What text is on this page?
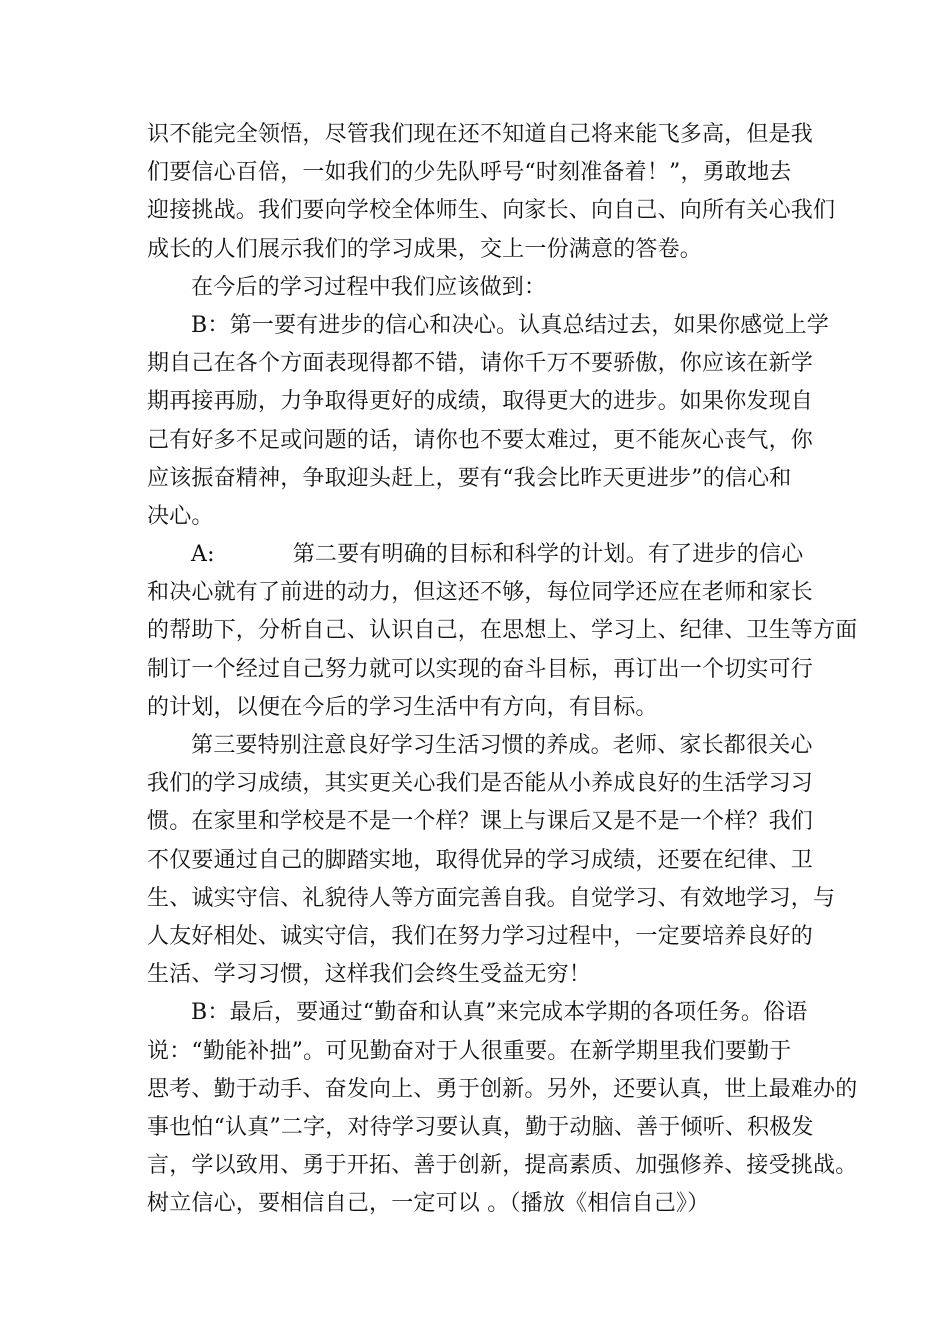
识不能完全领悟，尽管我们现在还不知道自己将来能飞多高，但是我
们要信心百倍，一如我们的少先队呼号“时刻准备着！”，勇敢地去
迎接挑战。我们要向学校全体师生、向家长、向自己、向所有关心我们
成长的人们展示我们的学习成果，交上一份满意的答卷。
在今后的学习过程中我们应该做到：
B：第一要有进步的信心和决心。认真总结过去，如果你感觉上学
期自己在各个方面表现得都不错，请你千万不要骄傲，你应该在新学
期再接再励，力争取得更好的成绩，取得更大的进步。如果你发现自
己有好多不足或问题的话，请你也不要太难过，更不能灰心丧气，你
应该振奋精神，争取迎头赶上，要有“我会比昨天更进步”的信心和
决心。
A:	第二要有明确的目标和科学的计划。有了进步的信心
和决心就有了前进的动力，但这还不够，每位同学还应在老师和家长
的帮助下，分析自己、认识自己，在思想上、学习上、纪律、卫生等方面
制订一个经过自己努力就可以实现的奋斗目标，再订出一个切实可行
的计划，以便在今后的学习生活中有方向，有目标。
第三要特别注意良好学习生活习惯的养成。老师、家长都很关心
我们的学习成绩，其实更关心我们是否能从小养成良好的生活学习习
惯。在家里和学校是不是一个样？课上与课后又是不是一个样？我们
不仅要通过自己的脚踏实地，取得优异的学习成绩，还要在纪律、卫
生、诚实守信、礼貌待人等方面完善自我。自觉学习、有效地学习，与
人友好相处、诚实守信，我们在努力学习过程中，一定要培养良好的
生活、学习习惯，这样我们会终生受益无穷！
B：最后，要通过“勤奋和认真”来完成本学期的各项任务。俗语
说：“勤能补拙”。可见勤奋对于人很重要。在新学期里我们要勤于
思考、勤于动手、奋发向上、勇于创新。另外，还要认真，世上最难办的
事也怕“认真”二字，对待学习要认真，勤于动脑、善于倾听、积极发
言，学以致用、勇于开拓、善于创新，提高素质、加强修养、接受挑战。
树立信心，要相信自己，一定可以 。（播放《相信自己》）
